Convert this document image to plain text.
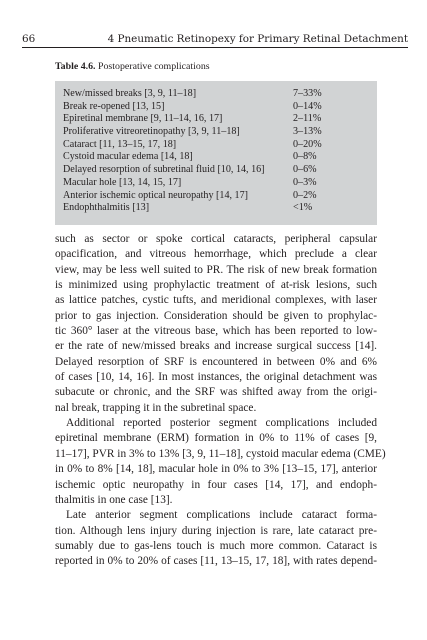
66	4 Pneumatic Retinopexy for Primary Retinal Detachment
Table 4.6. Postoperative complications
New/missed breaks [3, 9, 11–18]	7–33%
Break re-opened [13, 15]	0–14%
Epiretinal membrane [9, 11–14, 16, 17]	2–11%
Proliferative vitreoretinopathy [3, 9, 11–18]	3–13%
Cataract [11, 13–15, 17, 18]	0–20%
Cystoid macular edema [14, 18]	0–8%
Delayed resorption of subretinal fluid [10, 14, 16]	0–6%
Macular hole [13, 14, 15, 17]	0–3%
Anterior ischemic optical neuropathy [14, 17]	0–2%
Endophthalmitis [13]	<1%
such as sector or spoke cortical cataracts, peripheral capsular
opacification, and vitreous hemorrhage, which preclude a clear
view, may be less well suited to PR. The risk of new break formation
is minimized using prophylactic treatment of at-risk lesions, such
as lattice patches, cystic tufts, and meridional complexes, with laser
prior to gas injection. Consideration should be given to prophylac-
tic 360° laser at the vitreous base, which has been reported to low-
er the rate of new/missed breaks and increase surgical success [14].
Delayed resorption of SRF is encountered in between 0% and 6%
of cases [10, 14, 16]. In most instances, the original detachment was
subacute or chronic, and the SRF was shifted away from the origi-
nal break, trapping it in the subretinal space.
Additional reported posterior segment complications included
epiretinal membrane (ERM) formation in 0% to 11% of cases [9,
11–17], PVR in 3% to 13% [3, 9, 11–18], cystoid macular edema (CME)
in 0% to 8% [14, 18], macular hole in 0% to 3% [13–15, 17], anterior
ischemic optic neuropathy in four cases [14, 17], and endoph-
thalmitis in one case [13].
Late anterior segment complications include cataract forma-
tion. Although lens injury during injection is rare, late cataract pre-
sumably due to gas-lens touch is much more common. Cataract is
reported in 0% to 20% of cases [11, 13–15, 17, 18], with rates depend-
